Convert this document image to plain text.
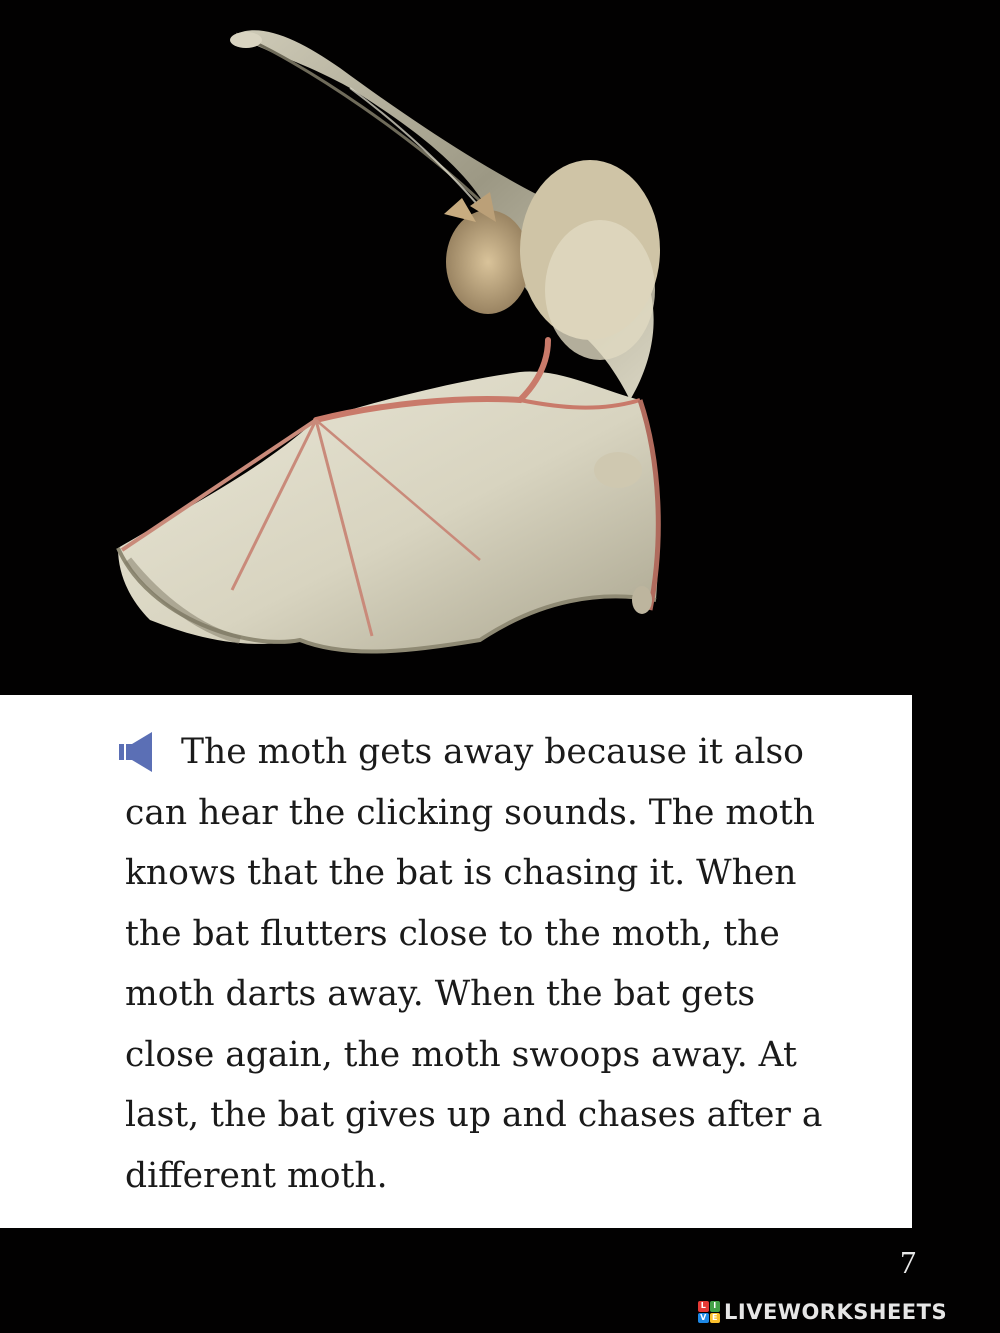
The moth gets away because it also
can hear the clicking sounds. The moth
knows that the bat is chasing it. When
the bat flutters close to the moth, the
moth darts away. When the bat gets
close again, the moth swoops away. At
last, the bat gives up and chases after a
different moth.

7
L I
V E LIVEWORKSHEETS
